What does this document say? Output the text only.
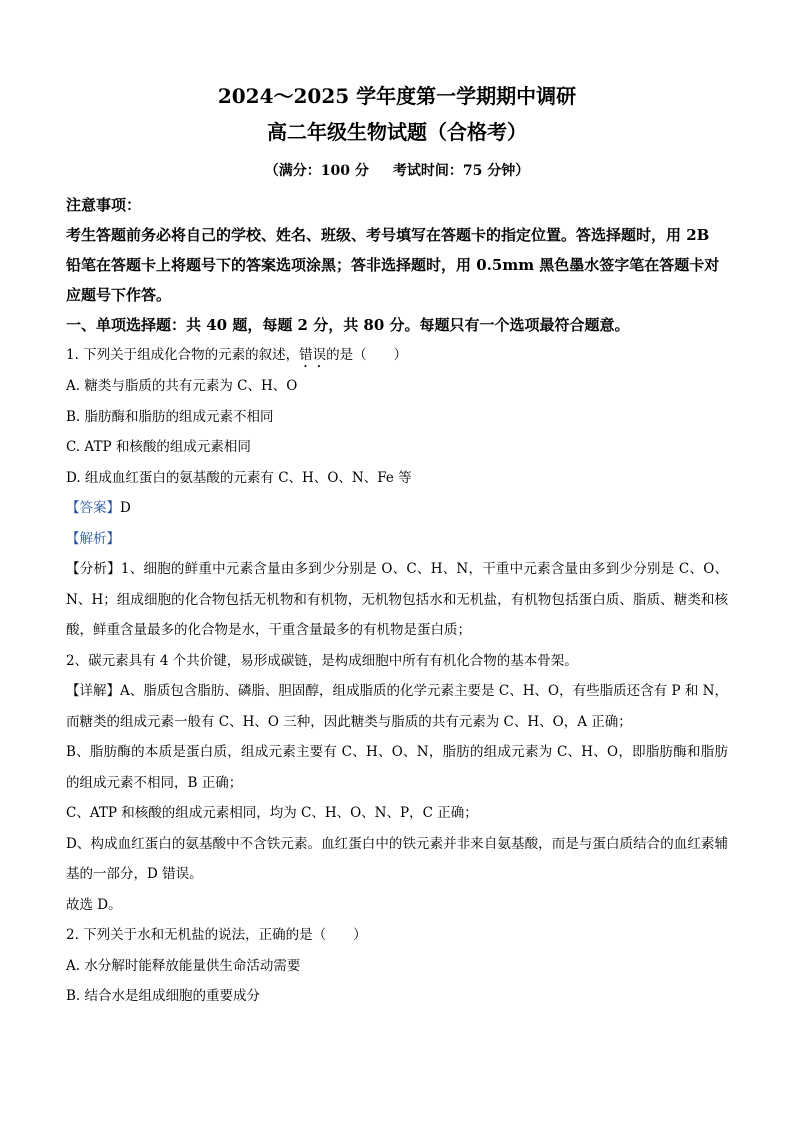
2024～2025 学年度第一学期期中调研
高二年级生物试题（合格考）
（满分：100 分 考试时间：75 分钟）
注意事项：
考生答题前务必将自己的学校、姓名、班级、考号填写在答题卡的指定位置。答选择题时，用 2B 铅笔在答题卡上将题号下的答案选项涂黑；答非选择题时，用 0.5mm 黑色墨水签字笔在答题卡对应题号下作答。
一、单项选择题：共 40 题，每题 2 分，共 80 分。每题只有一个选项最符合题意。
1. 下列关于组成化合物的元素的叙述，错误的是（　　）
A. 糖类与脂质的共有元素为 C、H、O
B. 脂肪酶和脂肪的组成元素不相同
C. ATP 和核酸的组成元素相同
D. 组成血红蛋白的氨基酸的元素有 C、H、O、N、Fe 等
【答案】D
【解析】
【分析】1、细胞的鲜重中元素含量由多到少分别是 O、C、H、N，干重中元素含量由多到少分别是 C、O、N、H；组成细胞的化合物包括无机物和有机物，无机物包括水和无机盐，有机物包括蛋白质、脂质、糖类和核酸，鲜重含量最多的化合物是水，干重含量最多的有机物是蛋白质；
2、碳元素具有 4 个共价键，易形成碳链，是构成细胞中所有有机化合物的基本骨架。
【详解】A、脂质包含脂肪、磷脂、胆固醇，组成脂质的化学元素主要是 C、H、O，有些脂质还含有 P 和 N，而糖类的组成元素一般有 C、H、O 三种，因此糖类与脂质的共有元素为 C、H、O，A 正确；
B、脂肪酶的本质是蛋白质，组成元素主要有 C、H、O、N，脂肪的组成元素为 C、H、O，即脂肪酶和脂肪的组成元素不相同，B 正确；
C、ATP 和核酸的组成元素相同，均为 C、H、O、N、P，C 正确；
D、构成血红蛋白的氨基酸中不含铁元素。血红蛋白中的铁元素并非来自氨基酸，而是与蛋白质结合的血红素辅基的一部分，D 错误。
故选 D。
2. 下列关于水和无机盐的说法，正确的是（　　）
A. 水分解时能释放能量供生命活动需要
B. 结合水是组成细胞的重要成分
